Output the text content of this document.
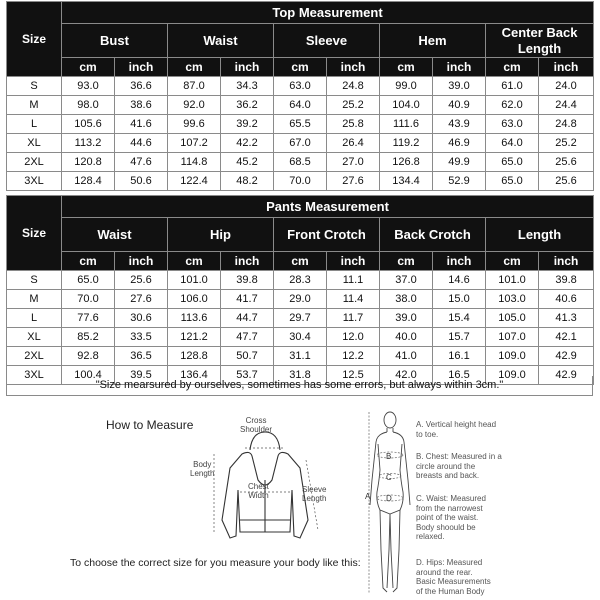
Size	Top Measurement									
	Bust		Waist		Sleeve		Hem		Center Back Length	
	cm	inch	cm	inch	cm	inch	cm	inch	cm	inch
S	93.0	36.6	87.0	34.3	63.0	24.8	99.0	39.0	61.0	24.0
M	98.0	38.6	92.0	36.2	64.0	25.2	104.0	40.9	62.0	24.4
L	105.6	41.6	99.6	39.2	65.5	25.8	111.6	43.9	63.0	24.8
XL	113.2	44.6	107.2	42.2	67.0	26.4	119.2	46.9	64.0	25.2
2XL	120.8	47.6	114.8	45.2	68.5	27.0	126.8	49.9	65.0	25.6
3XL	128.4	50.6	122.4	48.2	70.0	27.6	134.4	52.9	65.0	25.6
Size	Pants Measurement									
	Waist		Hip		Front Crotch		Back Crotch		Length	
	cm	inch	cm	inch	cm	inch	cm	inch	cm	inch
S	65.0	25.6	101.0	39.8	28.3	11.1	37.0	14.6	101.0	39.8
M	70.0	27.6	106.0	41.7	29.0	11.4	38.0	15.0	103.0	40.6
L	77.6	30.6	113.6	44.7	29.7	11.7	39.0	15.4	105.0	41.3
XL	85.2	33.5	121.2	47.7	30.4	12.0	40.0	15.7	107.0	42.1
2XL	92.8	36.5	128.8	50.7	31.1	12.2	41.0	16.1	109.0	42.9
3XL	100.4	39.5	136.4	53.7	31.8	12.5	42.0	16.5	109.0	42.9
"Size mearsured by ourselves, sometimes has some errors, but always within 3cm."
How to Measure	Cross
Shoulder
Body
Length
Chest
Width
Sleeve
Length
To choose the correct size for you measure your body like this:
A
B
C
D
A. Vertical height head
to toe.
B. Chest: Measured in a
circle around the
breasts and back.
C. Waist: Measured
from the narrowest
point of the waist.
Body shoould be
relaxed.
D. Hips: Measured
around the rear.
Basic Measurements
of the Human Body
